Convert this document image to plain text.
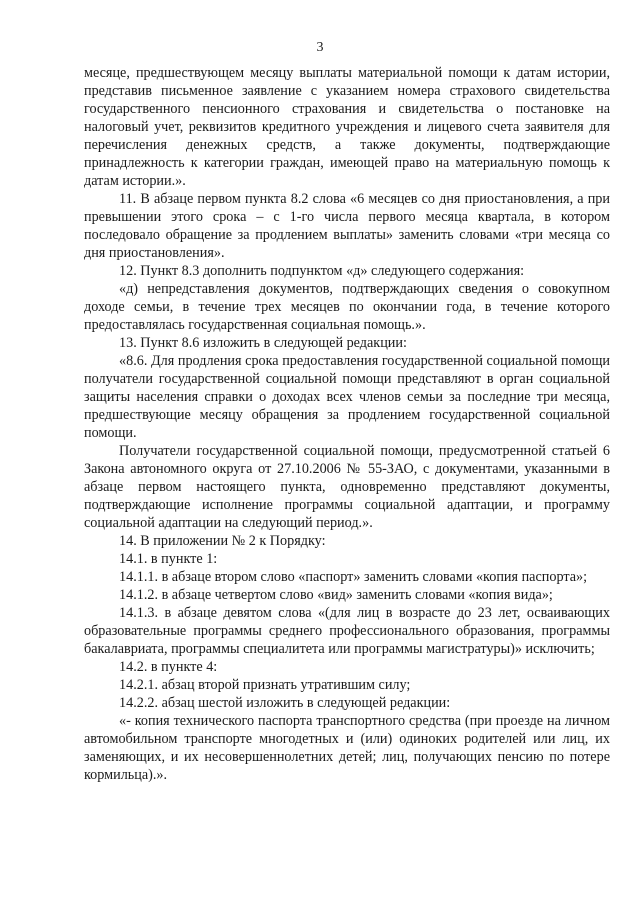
3

месяце, предшествующем месяцу выплаты материальной помощи к датам истории, представив письменное заявление с указанием номера страхового свидетельства государственного пенсионного страхования и свидетельства о постановке на налоговый учет, реквизитов кредитного учреждения и лицевого счета заявителя для перечисления денежных средств, а также документы, подтверждающие принадлежность к категории граждан, имеющей право на материальную помощь к датам истории.».

11. В абзаце первом пункта 8.2 слова «6 месяцев со дня приостановления, а при превышении этого срока – с 1-го числа первого месяца квартала, в котором последовало обращение за продлением выплаты» заменить словами «три месяца со дня приостановления».

12. Пункт 8.3 дополнить подпунктом «д» следующего содержания:

«д) непредставления документов, подтверждающих сведения о совокупном доходе семьи, в течение трех месяцев по окончании года, в течение которого предоставлялась государственная социальная помощь.».

13. Пункт 8.6 изложить в следующей редакции:

«8.6. Для продления срока предоставления государственной социальной помощи получатели государственной социальной помощи представляют в орган социальной защиты населения справки о доходах всех членов семьи за последние три месяца, предшествующие месяцу обращения за продлением государственной социальной помощи.

Получатели государственной социальной помощи, предусмотренной статьей 6 Закона автономного округа от 27.10.2006 № 55-ЗАО, с документами, указанными в абзаце первом настоящего пункта, одновременно представляют документы, подтверждающие исполнение программы социальной адаптации, и программу социальной адаптации на следующий период.».

14. В приложении № 2 к Порядку:

14.1. в пункте 1:

14.1.1. в абзаце втором слово «паспорт» заменить словами «копия паспорта»;

14.1.2. в абзаце четвертом слово «вид» заменить словами «копия вида»;

14.1.3. в абзаце девятом слова «(для лиц в возрасте до 23 лет, осваивающих образовательные программы среднего профессионального образования, программы бакалавриата, программы специалитета или программы магистратуры)» исключить;

14.2. в пункте 4:

14.2.1. абзац второй признать утратившим силу;

14.2.2. абзац шестой изложить в следующей редакции:

«- копия технического паспорта транспортного средства (при проезде на личном автомобильном транспорте многодетных и (или) одиноких родителей или лиц, их заменяющих, и их несовершеннолетних детей; лиц, получающих пенсию по потере кормильца).».
